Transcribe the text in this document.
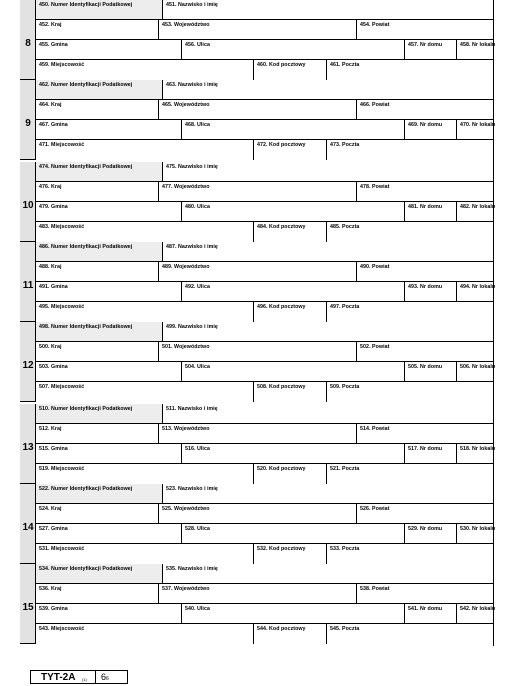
8
450. Numer Identyfikacji Podatkowej	451. Nazwisko i imię
452. Kraj	453. Województwo	454. Powiat
455. Gmina	456. Ulica	457. Nr domu	458. Nr lokalu
459. Miejscowość	460. Kod pocztowy	461. Poczta
9
462. Numer Identyfikacji Podatkowej	463. Nazwisko i imię
464. Kraj	465. Województwo	466. Powiat
467. Gmina	468. Ulica	469. Nr domu	470. Nr lokalu
471. Miejscowość	472. Kod pocztowy	473. Poczta
10
474. Numer Identyfikacji Podatkowej	475. Nazwisko i imię
476. Kraj	477. Województwo	478. Powiat
479. Gmina	480. Ulica	481. Nr domu	482. Nr lokalu
483. Miejscowość	484. Kod pocztowy	485. Poczta
11
486. Numer Identyfikacji Podatkowej	487. Nazwisko i imię
488. Kraj	489. Województwo	490. Powiat
491. Gmina	492. Ulica	493. Nr domu	494. Nr lokalu
495. Miejscowość	496. Kod pocztowy	497. Poczta
12
498. Numer Identyfikacji Podatkowej	499. Nazwisko i imię
500. Kraj	501. Województwo	502. Powiat
503. Gmina	504. Ulica	505. Nr domu	506. Nr lokalu
507. Miejscowość	508. Kod pocztowy	509. Poczta
13
510. Numer Identyfikacji Podatkowej	511. Nazwisko i imię
512. Kraj	513. Województwo	514. Powiat
515. Gmina	516. Ulica	517. Nr domu	518. Nr lokalu
519. Miejscowość	520. Kod pocztowy	521. Poczta
14
522. Numer Identyfikacji Podatkowej	523. Nazwisko i imię
524. Kraj	525. Województwo	526. Powiat
527. Gmina	528. Ulica	529. Nr domu	530. Nr lokalu
531. Miejscowość	532. Kod pocztowy	533. Poczta
15
534. Numer Identyfikacji Podatkowej	535. Nazwisko i imię
536. Kraj	537. Województwo	538. Powiat
539. Gmina	540. Ulica	541. Nr domu	542. Nr lokalu
543. Miejscowość	544. Kod pocztowy	545. Poczta
TYT-2A (1) 66
